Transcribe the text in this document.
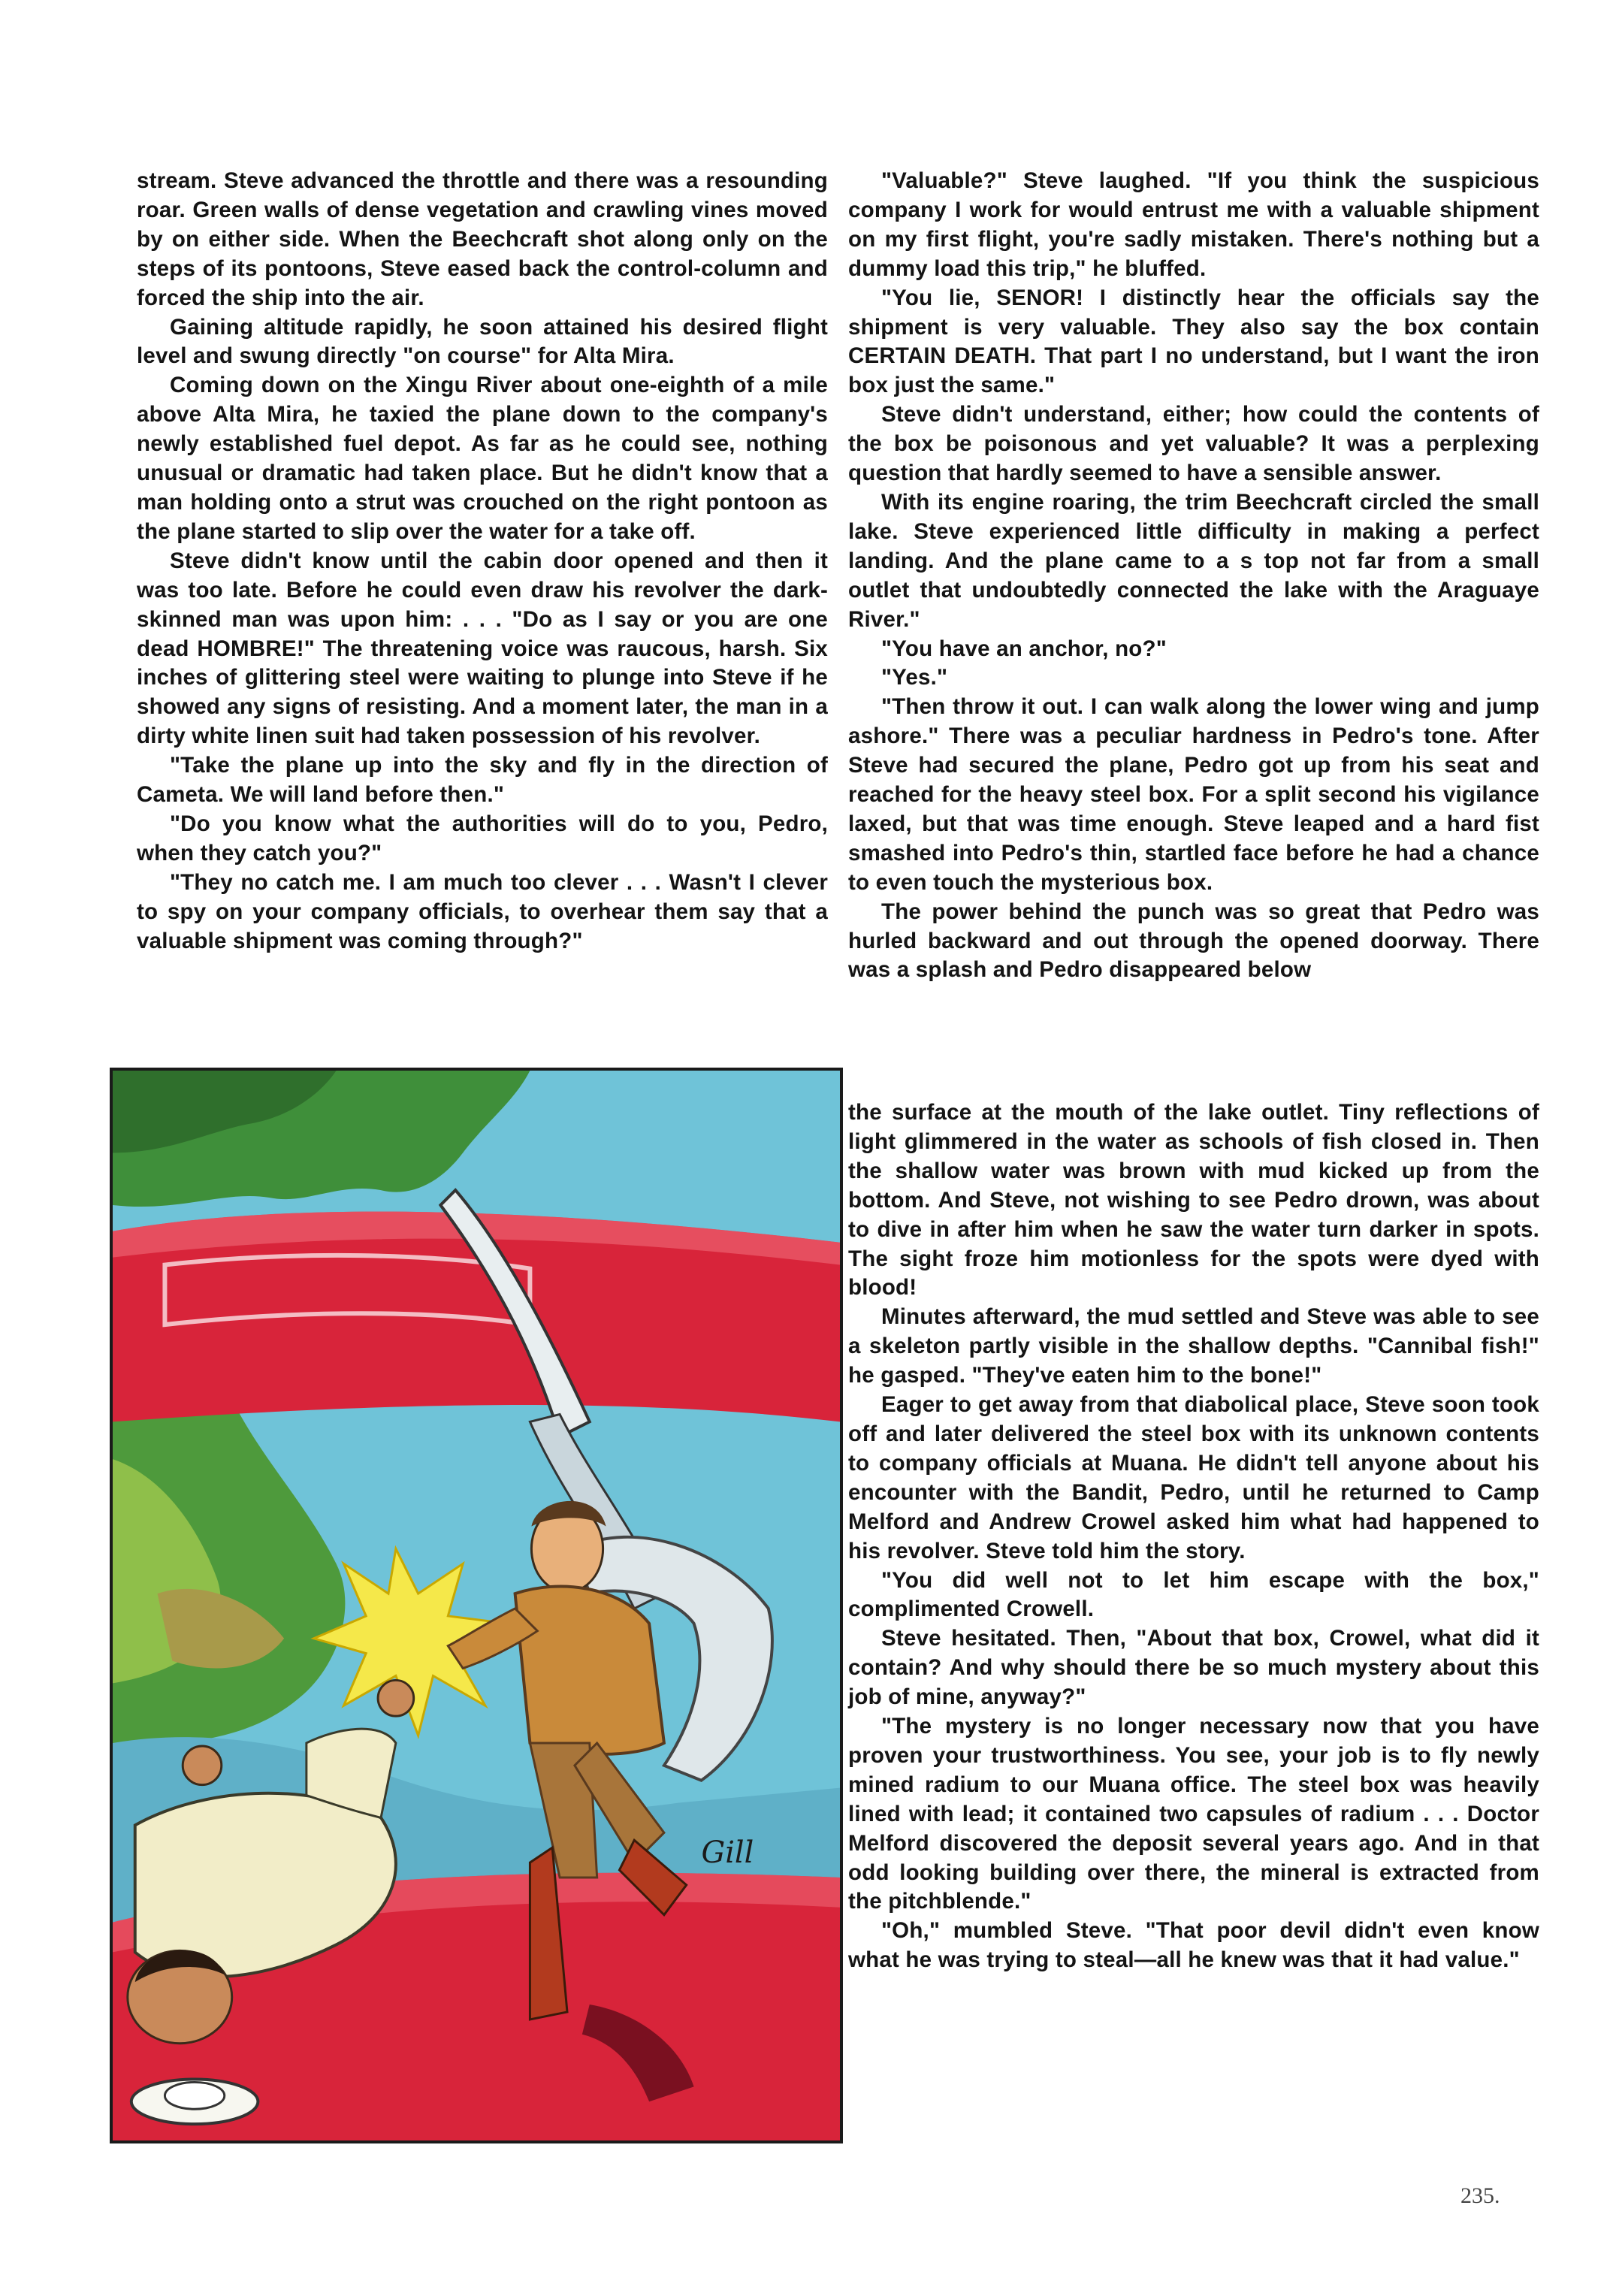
stream. Steve advanced the throttle and there was a resounding roar. Green walls of dense vegetation and crawling vines moved by on either side. When the Beechcraft shot along only on the steps of its pontoons, Steve eased back the control-column and forced the ship into the air.

Gaining altitude rapidly, he soon attained his desired flight level and swung directly "on course" for Alta Mira.

Coming down on the Xingu River about one-eighth of a mile above Alta Mira, he taxied the plane down to the company's newly established fuel depot. As far as he could see, nothing unusual or dramatic had taken place. But he didn't know that a man holding onto a strut was crouched on the right pontoon as the plane started to slip over the water for a take off.

Steve didn't know until the cabin door opened and then it was too late. Before he could even draw his revolver the dark-skinned man was upon him: . . . "Do as I say or you are one dead HOMBRE!" The threatening voice was raucous, harsh. Six inches of glittering steel were waiting to plunge into Steve if he showed any signs of resisting. And a moment later, the man in a dirty white linen suit had taken possession of his revolver.

"Take the plane up into the sky and fly in the direction of Cameta. We will land before then."

"Do you know what the authorities will do to you, Pedro, when they catch you?"

"They no catch me. I am much too clever . . . Wasn't I clever to spy on your company officials, to overhear them say that a valuable shipment was coming through?"

"Valuable?" Steve laughed. "If you think the suspicious company I work for would entrust me with a valuable shipment on my first flight, you're sadly mistaken. There's nothing but a dummy load this trip," he bluffed.

"You lie, SENOR! I distinctly hear the officials say the shipment is very valuable. They also say the box contain CERTAIN DEATH. That part I no understand, but I want the iron box just the same."

Steve didn't understand, either; how could the contents of the box be poisonous and yet valuable? It was a perplexing question that hardly seemed to have a sensible answer.

With its engine roaring, the trim Beechcraft circled the small lake. Steve experienced little difficulty in making a perfect landing. And the plane came to a s top not far from a small outlet that undoubtedly connected the lake with the Araguaye River."

"You have an anchor, no?"

"Yes."

"Then throw it out. I can walk along the lower wing and jump ashore." There was a peculiar hardness in Pedro's tone. After Steve had secured the plane, Pedro got up from his seat and reached for the heavy steel box. For a split second his vigilance laxed, but that was time enough. Steve leaped and a hard fist smashed into Pedro's thin, startled face before he had a chance to even touch the mysterious box.

The power behind the punch was so great that Pedro was hurled backward and out through the opened doorway. There was a splash and Pedro disappeared below

the surface at the mouth of the lake outlet. Tiny reflections of light glimmered in the water as schools of fish closed in. Then the shallow water was brown with mud kicked up from the bottom. And Steve, not wishing to see Pedro drown, was about to dive in after him when he saw the water turn darker in spots. The sight froze him motionless for the spots were dyed with blood!

Minutes afterward, the mud settled and Steve was able to see a skeleton partly visible in the shallow depths. "Cannibal fish!" he gasped. "They've eaten him to the bone!"

Eager to get away from that diabolical place, Steve soon took off and later delivered the steel box with its unknown contents to company officials at Muana. He didn't tell anyone about his encounter with the Bandit, Pedro, until he returned to Camp Melford and Andrew Crowel asked him what had happened to his revolver. Steve told him the story.

"You did well not to let him escape with the box," complimented Crowell.

Steve hesitated. Then, "About that box, Crowel, what did it contain? And why should there be so much mystery about this job of mine, anyway?"

"The mystery is no longer necessary now that you have proven your trustworthiness. You see, your job is to fly newly mined radium to our Muana office. The steel box was heavily lined with lead; it contained two capsules of radium . . . Doctor Melford discovered the deposit several years ago. And in that odd looking building over there, the mineral is extracted from the pitchblende."

"Oh," mumbled Steve. "That poor devil didn't even know what he was trying to steal—all he knew was that it had value."

Gill
235.
